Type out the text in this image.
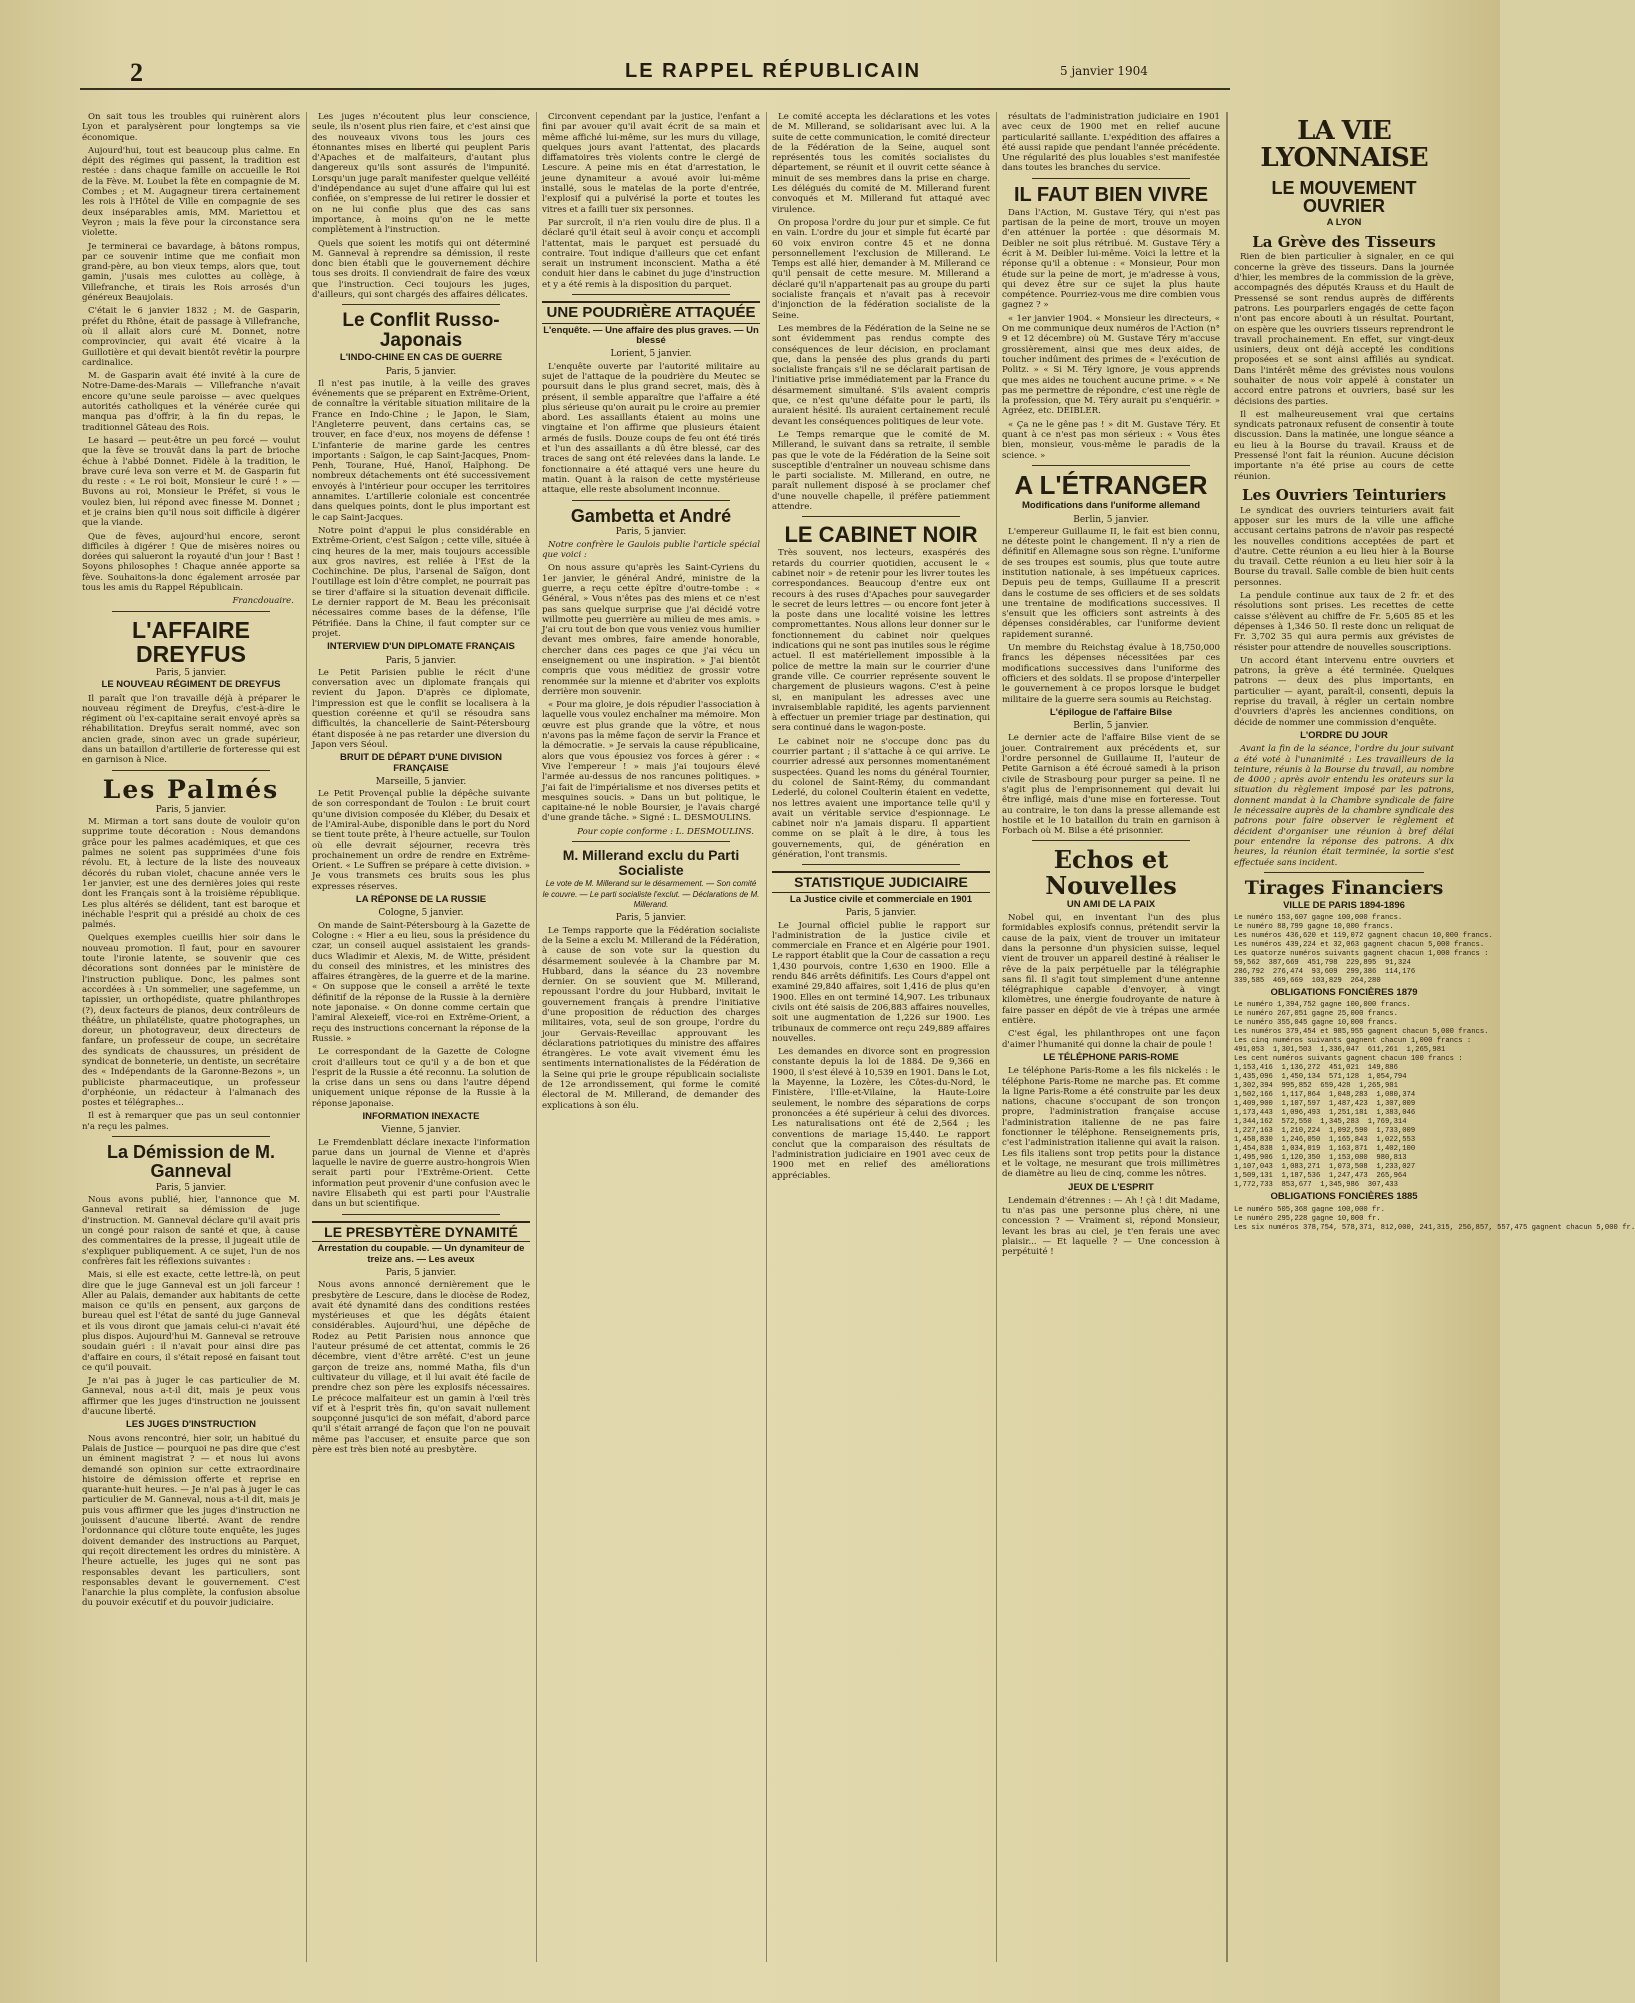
2	LE RAPPEL RÉPUBLICAIN	5 janvier 1904

On sait tous les troubles qui ruinèrent alors Lyon et paralysèrent pour longtemps sa vie économique.

Aujourd'hui, tout est beaucoup plus calme. En dépit des régimes qui passent, la tradition est restée : dans chaque famille on accueille le Roi de la Fève. M. Loubet la fête en compagnie de M. Combes ; et M. Augagneur tirera certainement les rois à l'Hôtel de Ville en compagnie de ses deux inséparables amis, MM. Mariettou et Veyron ; mais la fève pour la circonstance sera violette.

Je terminerai ce bavardage, à bâtons rompus, par ce souvenir intime que me confiait mon grand-père, au bon vieux temps, alors que, tout gamin, j'usais mes culottes au collège, à Villefranche, et tirais les Rois arrosés d'un généreux Beaujolais.

C'était le 6 janvier 1832 ; M. de Gasparin, préfet du Rhône, était de passage à Villefranche, où il allait alors curé M. Donnet, notre comprovincier, qui avait été vicaire à la Guillotière et qui devait bientôt revêtir la pourpre cardinalice.

M. de Gasparin avait été invité à la cure de Notre-Dame-des-Marais — Villefranche n'avait encore qu'une seule paroisse — avec quelques autorités catholiques et la vénérée curée qui manqua pas d'offrir, à la fin du repas, le traditionnel Gâteau des Rois.

Le hasard — peut-être un peu forcé — voulut que la fève se trouvât dans la part de brioche échue à l'abbé Donnet. Fidèle à la tradition, le brave curé leva son verre et M. de Gasparin fut du reste : « Le roi boit, Monsieur le curé ! » — Buvons au roi, Monsieur le Préfet, si vous le voulez bien, lui répond avec finesse M. Donnet ; et je crains bien qu'il nous soit difficile à digérer que la viande.

Que de fèves, aujourd'hui encore, seront difficiles à digérer ! Que de misères noires ou dorées qui salueront la royauté d'un jour ! Bast ! Soyons philosophes ! Chaque année apporte sa fève. Souhaitons-la donc également arrosée par tous les amis du Rappel Républicain.

Francdouaire.
L'AFFAIRE DREYFUS
Paris, 5 janvier.
LE NOUVEAU RÉGIMENT DE DREYFUS

Il paraît que l'on travaille déjà à préparer le nouveau régiment de Dreyfus, c'est-à-dire le régiment où l'ex-capitaine serait envoyé après sa réhabilitation. Dreyfus serait nommé, avec son ancien grade, sinon avec un grade supérieur, dans un bataillon d'artillerie de forteresse qui est en garnison à Nice.

Les Palmés
Paris, 5 janvier.

M. Mirman a tort sans doute de vouloir qu'on supprime toute décoration : Nous demandons grâce pour les palmes académiques, et que ces palmes ne soient pas supprimées d'une fois révolu. Et, à lecture de la liste des nouveaux décorés du ruban violet, chacune année vers le 1er janvier, est une des dernières joies qui reste dont les Français sont à la troisième république. Les plus altérés se délident, tant est baroque et inéchable l'esprit qui a présidé au choix de ces palmés.

Quelques exemples cueillis hier soir dans le nouveau promotion. Il faut, pour en savourer toute l'ironie latente, se souvenir que ces décorations sont données par le ministère de l'instruction publique. Donc, les palmes sont accordées à : Un sommelier, une sagefemme, un tapissier, un orthopédiste, quatre philanthropes (?), deux facteurs de pianos, deux contrôleurs de théâtre, un philatéliste, quatre photographes, un doreur, un photograveur, deux directeurs de fanfare, un professeur de coupe, un secrétaire des syndicats de chaussures, un président de syndicat de bonneterie, un dentiste, un secrétaire des « Indépendants de la Garonne-Bezons », un publiciste pharmaceutique, un professeur d'orphéonie, un rédacteur à l'almanach des postes et télégraphes...

Il est à remarquer que pas un seul contonnier n'a reçu les palmes.

La Démission de M. Ganneval
Paris, 5 janvier.

Nous avons publié, hier, l'annonce que M. Ganneval retirait sa démission de juge d'instruction. M. Ganneval déclare qu'il avait pris un congé pour raison de santé et que, à cause des commentaires de la presse, il jugeait utile de s'expliquer publiquement. A ce sujet, l'un de nos confrères fait les réflexions suivantes :

Mais, si elle est exacte, cette lettre-là, on peut dire que le juge Ganneval est un joli farceur ! Aller au Palais, demander aux habitants de cette maison ce qu'ils en pensent, aux garçons de bureau quel est l'état de santé du juge Ganneval et ils vous diront que jamais celui-ci n'avait été plus dispos. Aujourd'hui M. Ganneval se retrouve soudain guéri : il n'avait pour ainsi dire pas d'affaire en cours, il s'était reposé en faisant tout ce qu'il pouvait.

Je n'ai pas à juger le cas particulier de M. Ganneval, nous a-t-il dit, mais je peux vous affirmer que les juges d'instruction ne jouissent d'aucune liberté.

LES JUGES D'INSTRUCTION

Nous avons rencontré, hier soir, un habitué du Palais de Justice — pourquoi ne pas dire que c'est un éminent magistrat ? — et nous lui avons demandé son opinion sur cette extraordinaire histoire de démission offerte et reprise en quarante-huit heures. — Je n'ai pas à juger le cas particulier de M. Ganneval, nous a-t-il dit, mais je puis vous affirmer que les juges d'instruction ne jouissent d'aucune liberté. Avant de rendre l'ordonnance qui clôture toute enquête, les juges doivent demander des instructions au Parquet, qui reçoit directement les ordres du ministère. A l'heure actuelle, les juges qui ne sont pas responsables devant les particuliers, sont responsables devant le gouvernement. C'est l'anarchie la plus complète, la confusion absolue du pouvoir exécutif et du pouvoir judiciaire.

Les juges n'écoutent plus leur conscience, seule, ils n'osent plus rien faire, et c'est ainsi que des nouveaux vivons tous les jours ces étonnantes mises en liberté qui peuplent Paris d'Apaches et de malfaiteurs, d'autant plus dangereux qu'ils sont assurés de l'impunité. Lorsqu'un juge paraît manifester quelque velléité d'indépendance au sujet d'une affaire qui lui est confiée, on s'empresse de lui retirer le dossier et on ne lui confie plus que des cas sans importance, à moins qu'on ne le mette complètement à l'instruction.

Quels que soient les motifs qui ont déterminé M. Ganneval à reprendre sa démission, il reste donc bien établi que le gouvernement déchire tous ses droits. Il conviendrait de faire des vœux que l'instruction. Ceci toujours les juges, d'ailleurs, qui sont chargés des affaires délicates.

Le Conflit Russo-Japonais
L'INDO-CHINE EN CAS DE GUERRE
Paris, 5 janvier.

Il n'est pas inutile, à la veille des graves événements que se préparent en Extrême-Orient, de connaître la véritable situation militaire de la France en Indo-Chine ; le Japon, le Siam, l'Angleterre peuvent, dans certains cas, se trouver, en face d'eux, nos moyens de défense ! L'infanterie de marine garde les centres importants : Saïgon, le cap Saint-Jacques, Pnom-Penh, Tourane, Hué, Hanoï, Haïphong. De nombreux détachements ont été successivement envoyés à l'intérieur pour occuper les territoires annamites. L'artillerie coloniale est concentrée dans quelques points, dont le plus important est le cap Saint-Jacques.

Notre point d'appui le plus considérable en Extrême-Orient, c'est Saïgon ; cette ville, située à cinq heures de la mer, mais toujours accessible aux gros navires, est reliée à l'Est de la Cochinchine. De plus, l'arsenal de Saïgon, dont l'outillage est loin d'être complet, ne pourrait pas se tirer d'affaire si la situation devenait difficile. Le dernier rapport de M. Beau les préconisait nécessaires comme bases de la défense, l'île Pétrifiée. Dans la Chine, il faut compter sur ce projet.

INTERVIEW D'UN DIPLOMATE FRANÇAIS
Paris, 5 janvier.

Le Petit Parisien publie le récit d'une conversation avec un diplomate français qui revient du Japon. D'après ce diplomate, l'impression est que le conflit se localisera à la question coréenne et qu'il se résoudra sans difficultés, la chancellerie de Saint-Pétersbourg étant disposée à ne pas retarder une diversion du Japon vers Séoul.

BRUIT DE DÉPART D'UNE DIVISION FRANÇAISE
Marseille, 5 janvier.

Le Petit Provençal publie la dépêche suivante de son correspondant de Toulon : Le bruit court qu'une division composée du Kléber, du Desaix et de l'Amiral-Aube, disponible dans le port du Nord se tient toute prête, à l'heure actuelle, sur Toulon où elle devrait séjourner, recevra très prochainement un ordre de rendre en Extrême-Orient. « Le Suffren se prépare à cette division. » Je vous transmets ces bruits sous les plus expresses réserves.

LA RÉPONSE DE LA RUSSIE
Cologne, 5 janvier.

On mande de Saint-Pétersbourg à la Gazette de Cologne : « Hier a eu lieu, sous la présidence du czar, un conseil auquel assistaient les grands-ducs Wladimir et Alexis, M. de Witte, président du conseil des ministres, et les ministres des affaires étrangères, de la guerre et de la marine. « On suppose que le conseil a arrêté le texte définitif de la réponse de la Russie à la dernière note japonaise. « On donne comme certain que l'amiral Alexeieff, vice-roi en Extrême-Orient, a reçu des instructions concernant la réponse de la Russie. »

Le correspondant de la Gazette de Cologne croit d'ailleurs tout ce qu'il y a de bon et que l'esprit de la Russie a été reconnu. La solution de la crise dans un sens ou dans l'autre dépend uniquement unique réponse de la Russie à la réponse japonaise.

INFORMATION INEXACTE
Vienne, 5 janvier.

Le Fremdenblatt déclare inexacte l'information parue dans un journal de Vienne et d'après laquelle le navire de guerre austro-hongrois Wien serait parti pour l'Extrême-Orient. Cette information peut provenir d'une confusion avec le navire Elisabeth qui est parti pour l'Australie dans un but scientifique.

LE PRESBYTÈRE DYNAMITÉ
Arrestation du coupable. — Un dynamiteur de treize ans. — Les aveux
Paris, 5 janvier.

Nous avons annoncé dernièrement que le presbytère de Lescure, dans le diocèse de Rodez, avait été dynamité dans des conditions restées mystérieuses et que les dégâts étaient considérables. Aujourd'hui, une dépêche de Rodez au Petit Parisien nous annonce que l'auteur présumé de cet attentat, commis le 26 décembre, vient d'être arrêté. C'est un jeune garçon de treize ans, nommé Matha, fils d'un cultivateur du village, et il lui avait été facile de prendre chez son père les explosifs nécessaires. Le précoce malfaiteur est un gamin à l'œil très vif et à l'esprit très fin, qu'on savait nullement soupçonné jusqu'ici de son méfait, d'abord parce qu'il s'était arrangé de façon que l'on ne pouvait même pas l'accuser, et ensuite parce que son père est très bien noté au presbytère.

Circonvent cependant par la justice, l'enfant a fini par avouer qu'il avait écrit de sa main et même affiché lui-même, sur les murs du village, quelques jours avant l'attentat, des placards diffamatoires très violents contre le clergé de Lescure. A peine mis en état d'arrestation, le jeune dynamiteur a avoué avoir lui-même installé, sous le matelas de la porte d'entrée, l'explosif qui a pulvérisé la porte et toutes les vitres et a failli tuer six personnes.

Par surcroît, il n'a rien voulu dire de plus. Il a déclaré qu'il était seul à avoir conçu et accompli l'attentat, mais le parquet est persuadé du contraire. Tout indique d'ailleurs que cet enfant serait un instrument inconscient. Matha a été conduit hier dans le cabinet du juge d'instruction et y a été remis à la disposition du parquet.

UNE POUDRIÈRE ATTAQUÉE
L'enquête. — Une affaire des plus graves. — Un blessé
Lorient, 5 janvier.

L'enquête ouverte par l'autorité militaire au sujet de l'attaque de la poudrière du Meutec se poursuit dans le plus grand secret, mais, dès à présent, il semble apparaître que l'affaire a été plus sérieuse qu'on aurait pu le croire au premier abord. Les assaillants étaient au moins une vingtaine et l'on affirme que plusieurs étaient armés de fusils. Douze coups de feu ont été tirés et l'un des assaillants a dû être blessé, car des traces de sang ont été relevées dans la lande. Le fonctionnaire a été attaqué vers une heure du matin. Quant à la raison de cette mystérieuse attaque, elle reste absolument inconnue.

Gambetta et André
Paris, 5 janvier.

Notre confrère le Gaulois publie l'article spécial que voici :

On nous assure qu'après les Saint-Cyriens du 1er janvier, le général André, ministre de la guerre, a reçu cette épître d'outre-tombe : « Général, » Vous n'êtes pas des miens et ce n'est pas sans quelque surprise que j'ai décidé votre willmotte peu guerrière au milieu de mes amis. » J'ai cru tout de bon que vous veniez vous humilier devant mes ombres, faire amende honorable, chercher dans ces pages ce que j'ai vécu un enseignement ou une inspiration. » J'ai bientôt compris que vous méditiez de grossir votre renommée sur la mienne et d'abriter vos exploits derrière mon souvenir.

« Pour ma gloire, je dois répudier l'association à laquelle vous voulez enchaîner ma mémoire. Mon œuvre est plus grande que la vôtre, et nous n'avons pas la même façon de servir la France et la démocratie. » Je servais la cause républicaine, alors que vous épousiez vos forces à gérer : « Vive l'empereur ! » mais j'ai toujours élevé l'armée au-dessus de nos rancunes politiques. » J'ai fait de l'impérialisme et nos diverses petits et mesquines soucis. » Dans un but politique, le capitaine-né le noble Boursier, je l'avais chargé d'une grande tâche. » Signé : L. DESMOULINS.

Pour copie conforme : L. DESMOULINS.
M. Millerand exclu du Parti Socialiste
Le vote de M. Millerand sur le désarmement. — Son comité le couvre. — Le parti socialiste l'exclut. — Déclarations de M. Millerand.
Paris, 5 janvier.

Le Temps rapporte que la Fédération socialiste de la Seine a exclu M. Millerand de la Fédération, à cause de son vote sur la question du désarmement soulevée à la Chambre par M. Hubbard, dans la séance du 23 novembre dernier. On se souvient que M. Millerand, repoussant l'ordre du jour Hubbard, invitait le gouvernement français à prendre l'initiative d'une proposition de réduction des charges militaires, vota, seul de son groupe, l'ordre du jour Gervais-Reveillac approuvant les déclarations patriotiques du ministre des affaires étrangères. Le vote avait vivement ému les sentiments internationalistes de la Fédération de la Seine qui prie le groupe républicain socialiste de 12e arrondissement, qui forme le comité électoral de M. Millerand, de demander des explications à son élu.

Le comité accepta les déclarations et les votes de M. Millerand, se solidarisant avec lui. A la suite de cette communication, le comité directeur de la Fédération de la Seine, auquel sont représentés tous les comités socialistes du département, se réunit et il ouvrit cette séance à minuit de ses membres dans la prise en charge. Les délégués du comité de M. Millerand furent convoqués et M. Millerand fut attaqué avec virulence.

On proposa l'ordre du jour pur et simple. Ce fut en vain. L'ordre du jour et simple fut écarté par 60 voix environ contre 45 et ne donna personnellement l'exclusion de Millerand. Le Temps est allé hier, demander à M. Millerand ce qu'il pensait de cette mesure. M. Millerand a déclaré qu'il n'appartenait pas au groupe du parti socialiste français et n'avait pas à recevoir d'injonction de la fédération socialiste de la Seine.

Les membres de la Fédération de la Seine ne se sont évidemment pas rendus compte des conséquences de leur décision, en proclamant que, dans la pensée des plus grands du parti socialiste français s'il ne se déclarait partisan de l'initiative prise immédiatement par la France du désarmement simultané. S'ils avaient compris que, ce n'est qu'une défaite pour le parti, ils auraient hésité. Ils auraient certainement reculé devant les conséquences politiques de leur vote.

Le Temps remarque que le comité de M. Millerand, le suivant dans sa retraite, il semble pas que le vote de la Fédération de la Seine soit susceptible d'entraîner un nouveau schisme dans le parti socialiste. M. Millerand, en outre, ne paraît nullement disposé à se proclamer chef d'une nouvelle chapelle, il préfère patiemment attendre.

LE CABINET NOIR

Très souvent, nos lecteurs, exaspérés des retards du courrier quotidien, accusent le « cabinet noir » de retenir pour les livrer toutes les correspondances. Beaucoup d'entre eux ont recours à des ruses d'Apaches pour sauvegarder le secret de leurs lettres — ou encore font jeter à la poste dans une localité voisine les lettres compromettantes. Nous allons leur donner sur le fonctionnement du cabinet noir quelques indications qui ne sont pas inutiles sous le régime actuel. Il est matériellement impossible à la police de mettre la main sur le courrier d'une grande ville. Ce courrier représente souvent le chargement de plusieurs wagons. C'est à peine si, en manipulant les adresses avec une invraisemblable rapidité, les agents parviennent à effectuer un premier triage par destination, qui sera continué dans le wagon-poste.

Le cabinet noir ne s'occupe donc pas du courrier partant ; il s'attache à ce qui arrive. Le courrier adressé aux personnes momentanément suspectées. Quand les noms du général Tournier, du colonel de Saint-Rémy, du commandant Lederlé, du colonel Coulterin étaient en vedette, nos lettres avaient une importance telle qu'il y avait un véritable service d'espionnage. Le cabinet noir n'a jamais disparu. Il appartient comme on se plaît à le dire, à tous les gouvernements, qui, de génération en génération, l'ont transmis.

STATISTIQUE JUDICIAIRE
La Justice civile et commerciale en 1901
Paris, 5 janvier.

Le Journal officiel publie le rapport sur l'administration de la justice civile et commerciale en France et en Algérie pour 1901. Le rapport établit que la Cour de cassation a reçu 1,430 pourvois, contre 1,630 en 1900. Elle a rendu 846 arrêts définitifs. Les Cours d'appel ont examiné 29,840 affaires, soit 1,416 de plus qu'en 1900. Elles en ont terminé 14,907. Les tribunaux civils ont été saisis de 206,883 affaires nouvelles, soit une augmentation de 1,226 sur 1900. Les tribunaux de commerce ont reçu 249,889 affaires nouvelles.

Les demandes en divorce sont en progression constante depuis la loi de 1884. De 9,366 en 1900, il s'est élevé à 10,539 en 1901. Dans le Lot, la Mayenne, la Lozère, les Côtes-du-Nord, le Finistère, l'Ille-et-Vilaine, la Haute-Loire seulement, le nombre des séparations de corps prononcées a été supérieur à celui des divorces. Les naturalisations ont été de 2,564 ; les conventions de mariage 15,440. Le rapport conclut que la comparaison des résultats de l'administration judiciaire en 1901 avec ceux de 1900 met en relief des améliorations appréciables.

résultats de l'administration judiciaire en 1901 avec ceux de 1900 met en relief aucune particularité saillante. L'expédition des affaires a été aussi rapide que pendant l'année précédente. Une régularité des plus louables s'est manifestée dans toutes les branches du service.

IL FAUT BIEN VIVRE

Dans l'Action, M. Gustave Téry, qui n'est pas partisan de la peine de mort, trouve un moyen d'en atténuer la portée : que désormais M. Deibler ne soit plus rétribué. M. Gustave Téry a écrit à M. Deibler lui-même. Voici la lettre et la réponse qu'il a obtenue : « Monsieur, Pour mon étude sur la peine de mort, je m'adresse à vous, qui devez être sur ce sujet la plus haute compétence. Pourriez-vous me dire combien vous gagnez ? »

« 1er janvier 1904. « Monsieur les directeurs, « On me communique deux numéros de l'Action (n° 9 et 12 décembre) où M. Gustave Téry m'accuse grossièrement, ainsi que mes deux aides, de toucher indûment des primes de « l'exécution de Politz. » « Si M. Téry ignore, je vous apprends que mes aides ne touchent aucune prime. » « Ne pas me permettre de répondre, c'est une règle de la profession, que M. Téry aurait pu s'enquérir. » Agréez, etc. DEIBLER.

« Ça ne le gêne pas ! » dit M. Gustave Téry. Et quant à ce n'est pas mon sérieux : « Vous êtes bien, monsieur, vous-même le paradis de la science. »

A L'ÉTRANGER
Modifications dans l'uniforme allemand
Berlin, 5 janvier.

L'empereur Guillaume II, le fait est bien connu, ne déteste point le changement. Il n'y a rien de définitif en Allemagne sous son règne. L'uniforme de ses troupes est soumis, plus que toute autre institution nationale, à ses impétueux caprices. Depuis peu de temps, Guillaume II a prescrit dans le costume de ses officiers et de ses soldats une trentaine de modifications successives. Il s'ensuit que les officiers sont astreints à des dépenses considérables, car l'uniforme devient rapidement suranné.

Un membre du Reichstag évalue à 18,750,000 francs les dépenses nécessitées par ces modifications successives dans l'uniforme des officiers et des soldats. Il se propose d'interpeller le gouvernement à ce propos lorsque le budget militaire de la guerre sera soumis au Reichstag.

L'épilogue de l'affaire Bilse
Berlin, 5 janvier.

Le dernier acte de l'affaire Bilse vient de se jouer. Contrairement aux précédents et, sur l'ordre personnel de Guillaume II, l'auteur de Petite Garnison a été écroué samedi à la prison civile de Strasbourg pour purger sa peine. Il ne s'agit plus de l'emprisonnement qui devait lui être infligé, mais d'une mise en forteresse. Tout au contraire, le ton dans la presse allemande est hostile et le 10 bataillon du train en garnison à Forbach où M. Bilse a été prisonnier.

Echos et Nouvelles
UN AMI DE LA PAIX

Nobel qui, en inventant l'un des plus formidables explosifs connus, prétendit servir la cause de la paix, vient de trouver un imitateur dans la personne d'un physicien suisse, lequel vient de trouver un appareil destiné à réaliser le rêve de la paix perpétuelle par la télégraphie sans fil. Il s'agit tout simplement d'une antenne télégraphique capable d'envoyer, à vingt kilomètres, une énergie foudroyante de nature à faire passer en dépôt de vie à trépas une armée entière.

C'est égal, les philanthropes ont une façon d'aimer l'humanité qui donne la chair de poule !

LE TÉLÉPHONE PARIS-ROME

Le téléphone Paris-Rome a les fils nickelés : le téléphone Paris-Rome ne marche pas. Et comme la ligne Paris-Rome a été construite par les deux nations, chacune s'occupant de son tronçon propre, l'administration française accuse l'administration italienne de ne pas faire fonctionner le téléphone. Renseignements pris, c'est l'administration italienne qui avait la raison. Les fils italiens sont trop petits pour la distance et le voltage, ne mesurant que trois millimètres de diamètre au lieu de cinq, comme les nôtres.

JEUX DE L'ESPRIT

Lendemain d'étrennes : — Ah ! çà ! dit Madame, tu n'as pas une personne plus chère, ni une concession ? — Vraiment si, répond Monsieur, levant les bras au ciel, je t'en ferais une avec plaisir... — Et laquelle ? — Une concession à perpétuité !

LA VIE LYONNAISE
LE MOUVEMENT OUVRIER
A LYON
La Grève des Tisseurs

Rien de bien particulier à signaler, en ce qui concerne la grève des tisseurs. Dans la journée d'hier, les membres de la commission de la grève, accompagnés des députés Krauss et du Hault de Pressensé se sont rendus auprès de différents patrons. Les pourparlers engagés de cette façon n'ont pas encore abouti à un résultat. Pourtant, on espère que les ouvriers tisseurs reprendront le travail prochainement. En effet, sur vingt-deux usiniers, deux ont déjà accepté les conditions proposées et se sont ainsi affiliés au syndicat. Dans l'intérêt même des grévistes nous voulons souhaiter de nous voir appelé à constater un accord entre patrons et ouvriers, basé sur les décisions des parties.

Il est malheureusement vrai que certains syndicats patronaux refusent de consentir à toute discussion. Dans la matinée, une longue séance a eu lieu à la Bourse du travail. Krauss et de Pressensé l'ont fait la réunion. Aucune décision importante n'a été prise au cours de cette réunion.

Les Ouvriers Teinturiers

Le syndicat des ouvriers teinturiers avait fait apposer sur les murs de la ville une affiche accusant certains patrons de n'avoir pas respecté les nouvelles conditions acceptées de part et d'autre. Cette réunion a eu lieu hier à la Bourse du travail. Cette réunion a eu lieu hier soir à la Bourse du travail. Salle comble de bien huit cents personnes.

La pendule continue aux taux de 2 fr. et des résolutions sont prises. Les recettes de cette caisse s'élèvent au chiffre de Fr. 5,605 85 et les dépenses à 1,346 50. Il reste donc un reliquat de Fr. 3,702 35 qui aura permis aux grévistes de résister pour attendre de nouvelles souscriptions.

Un accord étant intervenu entre ouvriers et patrons, la grève a été terminée. Quelques patrons — deux des plus importants, en particulier — ayant, paraît-il, consenti, depuis la reprise du travail, à régler un certain nombre d'ouvriers d'après les anciennes conditions, on décide de nommer une commission d'enquête.

L'ORDRE DU JOUR

Avant la fin de la séance, l'ordre du jour suivant a été voté à l'unanimité : Les travailleurs de la teinture, réunis à la Bourse du travail, au nombre de 4000 ; après avoir entendu les orateurs sur la situation du règlement imposé par les patrons, donnent mandat à la Chambre syndicale de faire le nécessaire auprès de la chambre syndicale des patrons pour faire observer le règlement et décident d'organiser une réunion à bref délai pour entendre la réponse des patrons. A dix heures, la réunion était terminée, la sortie s'est effectuée sans incident.

Tirages Financiers
VILLE DE PARIS 1894-1896
Le numéro 153,607 gagne 100,000 francs.
Le numéro 88,799 gagne 10,000 francs.
Les numéros 436,620 et 119,072 gagnent chacun 10,000 francs.
Les numéros 439,224 et 32,063 gagnent chacun 5,000 francs.
Les quatorze numéros suivants gagnent chacun 1,000 francs :
59,562  387,669  451,798  229,895  91,324
286,792  276,474  93,609  299,386  114,176
339,585  469,669  103,829  264,280
OBLIGATIONS FONCIÈRES 1879
Le numéro 1,394,752 gagne 100,000 francs.
Le numéro 267,051 gagne 25,000 francs.
Le numéro 355,045 gagne 10,000 francs.
Les numéros 379,454 et 985,955 gagnent chacun 5,000 francs.
Les cinq numéros suivants gagnent chacun 1,000 francs :
491,053  1,301,503  1,336,047  611,261  1,265,981
Les cent numéros suivants gagnent chacun 100 francs :
1,153,416  1,136,272  451,021  149,886
1,435,096  1,450,134  571,128  1,054,794
1,302,394  995,852  659,428  1,265,981
1,502,166  1,117,864  1,048,283  1,080,374
1,409,900  1,107,597  1,487,423  1,307,009
1,173,443  1,096,493  1,251,181  1,383,046
1,344,162  572,550  1,345,283  1,769,314
1,227,163  1,210,224  1,092,590  1,733,009
1,458,830  1,246,050  1,165,843  1,022,553
1,454,838  1,034,019  1,163,871  1,402,100
1,495,906  1,120,350  1,153,080  980,813
1,107,043  1,083,271  1,073,508  1,233,027
1,509,131  1,187,536  1,247,473  265,964
1,772,733  853,677  1,345,986  307,433
OBLIGATIONS FONCIÈRES 1885
Le numéro 505,368 gagne 100,000 fr.
Le numéro 295,228 gagne 10,000 fr.
Les six numéros 378,754, 578,371, 812,000, 241,315, 256,857, 557,475 gagnent chacun 5,000 fr.
